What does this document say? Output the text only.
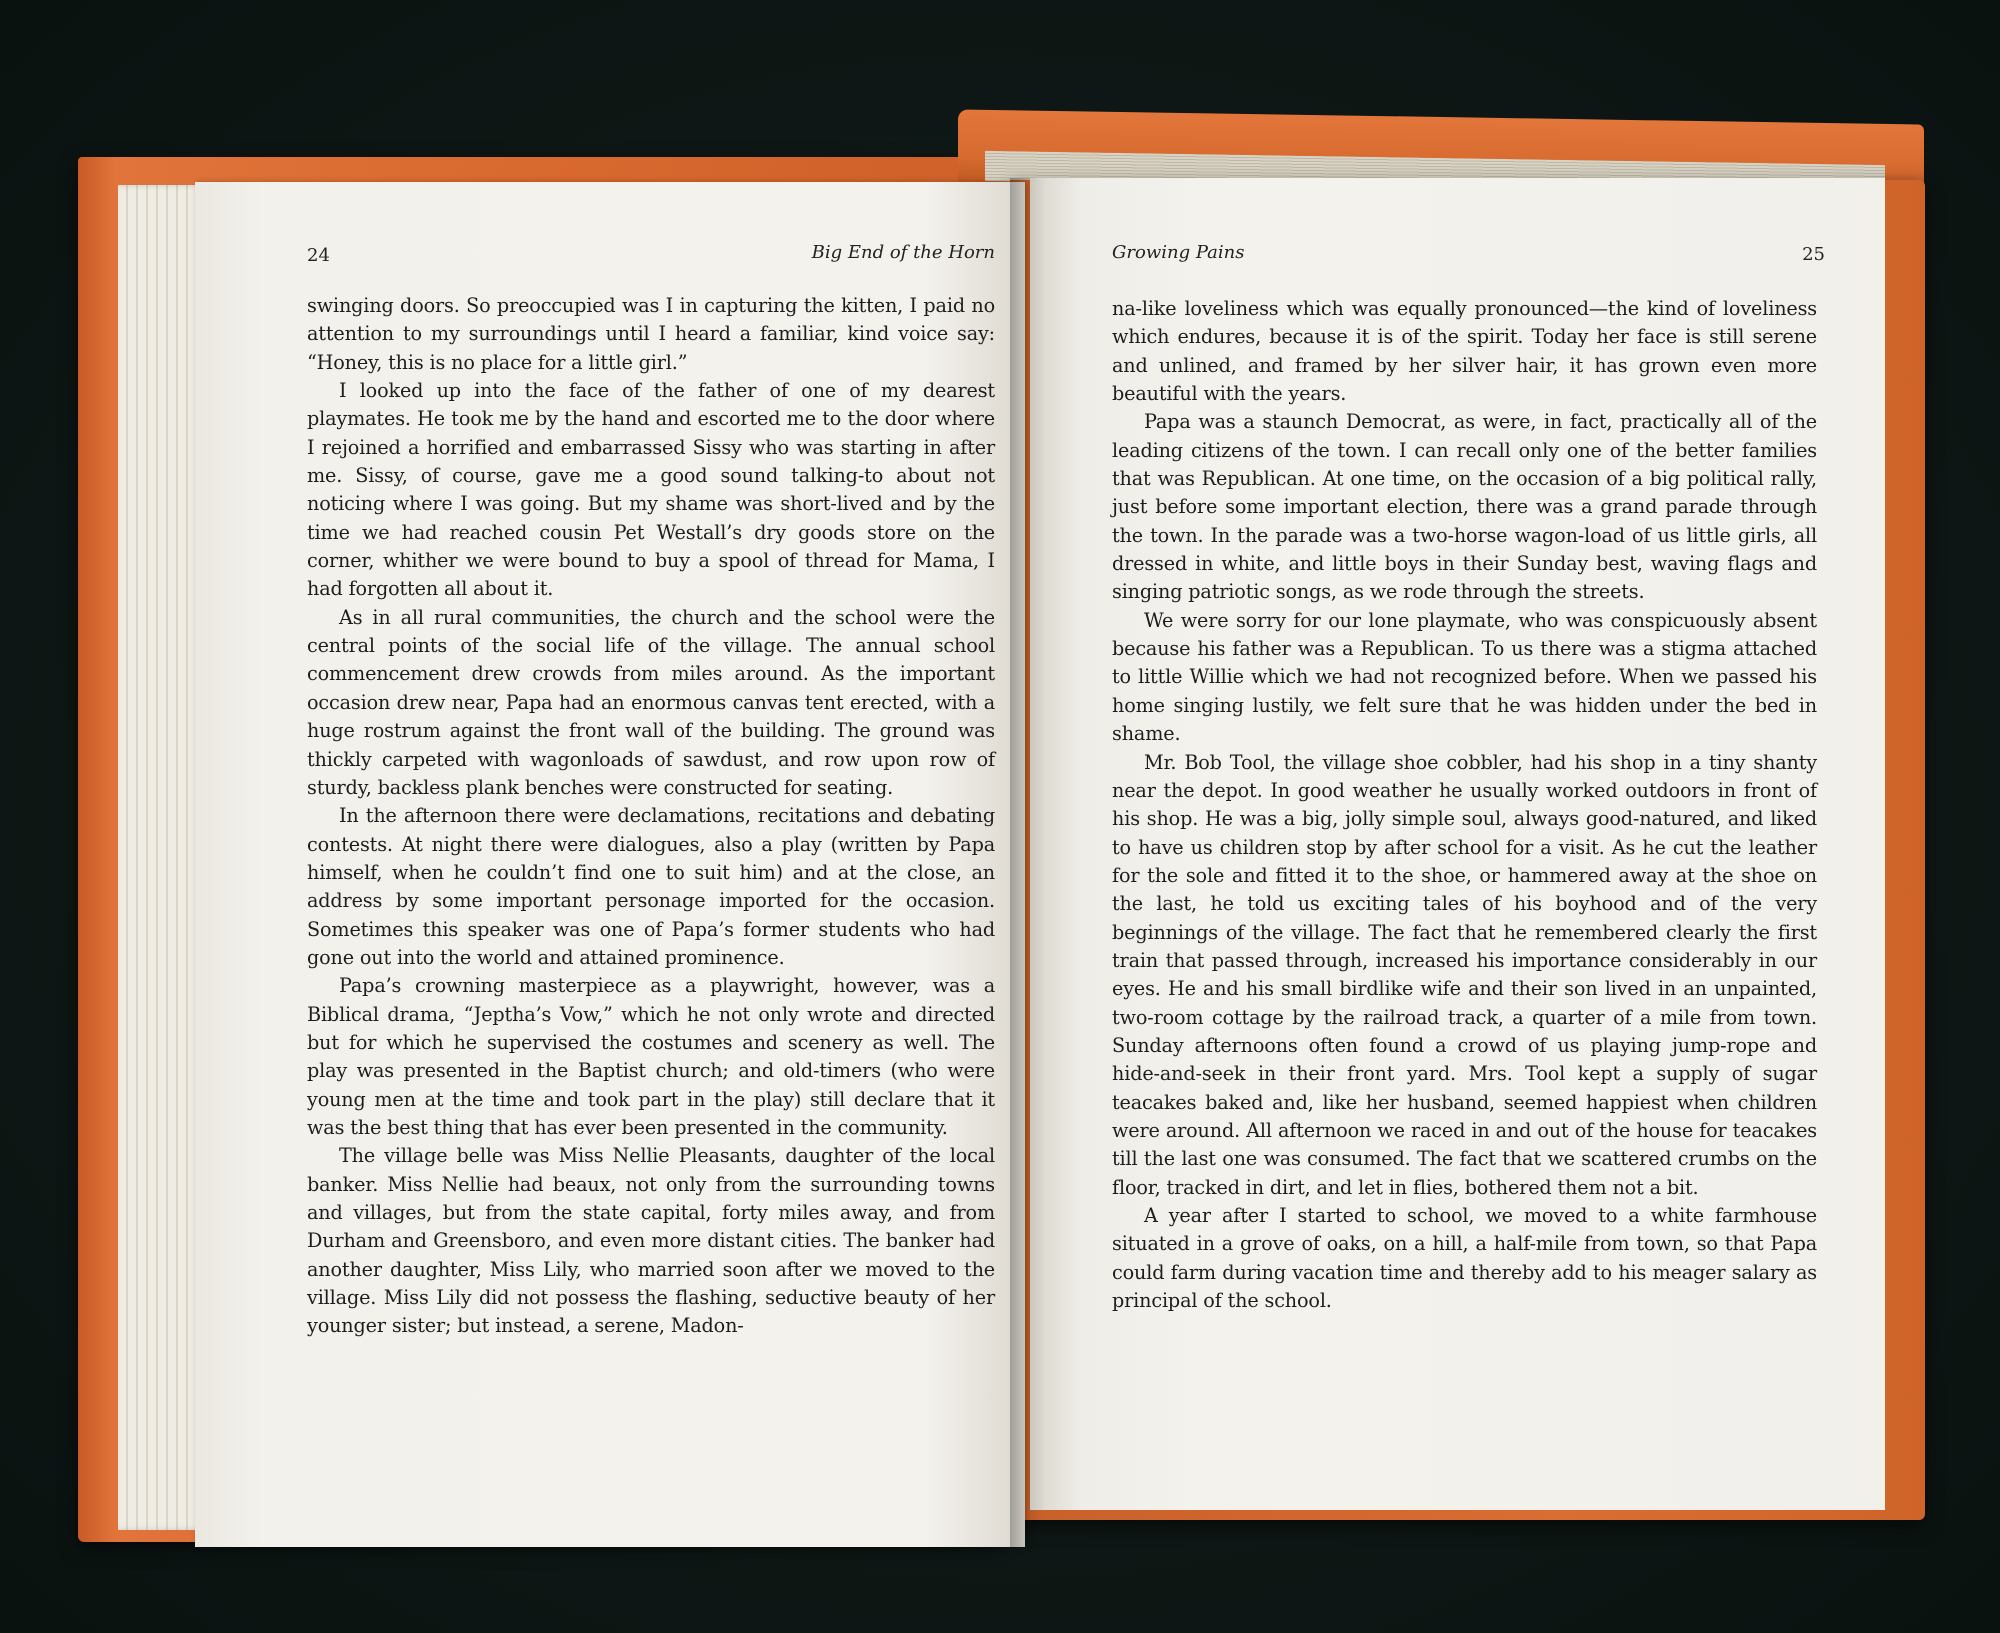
24	Big End of the Horn

swinging doors. So preoccupied was I in capturing the kitten, I paid no attention to my surroundings until I heard a familiar, kind voice say: “Honey, this is no place for a little girl.”

I looked up into the face of the father of one of my dearest playmates. He took me by the hand and escorted me to the door where I rejoined a horrified and embarrassed Sissy who was starting in after me. Sissy, of course, gave me a good sound talking-to about not noticing where I was going. But my shame was short-lived and by the time we had reached cousin Pet Westall’s dry goods store on the corner, whither we were bound to buy a spool of thread for Mama, I had forgotten all about it.

As in all rural communities, the church and the school were the central points of the social life of the village. The annual school commencement drew crowds from miles around. As the important occasion drew near, Papa had an enormous canvas tent erected, with a huge rostrum against the front wall of the building. The ground was thickly carpeted with wagonloads of sawdust, and row upon row of sturdy, backless plank benches were constructed for seating.

In the afternoon there were declamations, recitations and debating contests. At night there were dialogues, also a play (written by Papa himself, when he couldn’t find one to suit him) and at the close, an address by some important personage imported for the occasion. Sometimes this speaker was one of Papa’s former students who had gone out into the world and attained prominence.

Papa’s crowning masterpiece as a playwright, however, was a Biblical drama, “Jeptha’s Vow,” which he not only wrote and directed but for which he supervised the costumes and scenery as well. The play was presented in the Baptist church; and old-timers (who were young men at the time and took part in the play) still declare that it was the best thing that has ever been presented in the community.

The village belle was Miss Nellie Pleasants, daughter of the local banker. Miss Nellie had beaux, not only from the surrounding towns and villages, but from the state capital, forty miles away, and from Durham and Greensboro, and even more distant cities. The banker had another daughter, Miss Lily, who married soon after we moved to the village. Miss Lily did not possess the flashing, seductive beauty of her younger sister; but instead, a serene, Madon-

Growing Pains	25

na-like loveliness which was equally pronounced—the kind of loveliness which endures, because it is of the spirit. Today her face is still serene and unlined, and framed by her silver hair, it has grown even more beautiful with the years.

Papa was a staunch Democrat, as were, in fact, practically all of the leading citizens of the town. I can recall only one of the better families that was Republican. At one time, on the occasion of a big political rally, just before some important election, there was a grand parade through the town. In the parade was a two-horse wagon-load of us little girls, all dressed in white, and little boys in their Sunday best, waving flags and singing patriotic songs, as we rode through the streets.

We were sorry for our lone playmate, who was conspicuously absent because his father was a Republican. To us there was a stigma attached to little Willie which we had not recognized before. When we passed his home singing lustily, we felt sure that he was hidden under the bed in shame.

Mr. Bob Tool, the village shoe cobbler, had his shop in a tiny shanty near the depot. In good weather he usually worked outdoors in front of his shop. He was a big, jolly simple soul, always good-natured, and liked to have us children stop by after school for a visit. As he cut the leather for the sole and fitted it to the shoe, or hammered away at the shoe on the last, he told us exciting tales of his boyhood and of the very beginnings of the village. The fact that he remembered clearly the first train that passed through, increased his importance considerably in our eyes. He and his small birdlike wife and their son lived in an unpainted, two-room cottage by the railroad track, a quarter of a mile from town. Sunday afternoons often found a crowd of us playing jump-rope and hide-and-seek in their front yard. Mrs. Tool kept a supply of sugar teacakes baked and, like her husband, seemed happiest when children were around. All afternoon we raced in and out of the house for teacakes till the last one was consumed. The fact that we scattered crumbs on the floor, tracked in dirt, and let in flies, bothered them not a bit.

A year after I started to school, we moved to a white farmhouse situated in a grove of oaks, on a hill, a half-mile from town, so that Papa could farm during vacation time and thereby add to his meager salary as principal of the school.
